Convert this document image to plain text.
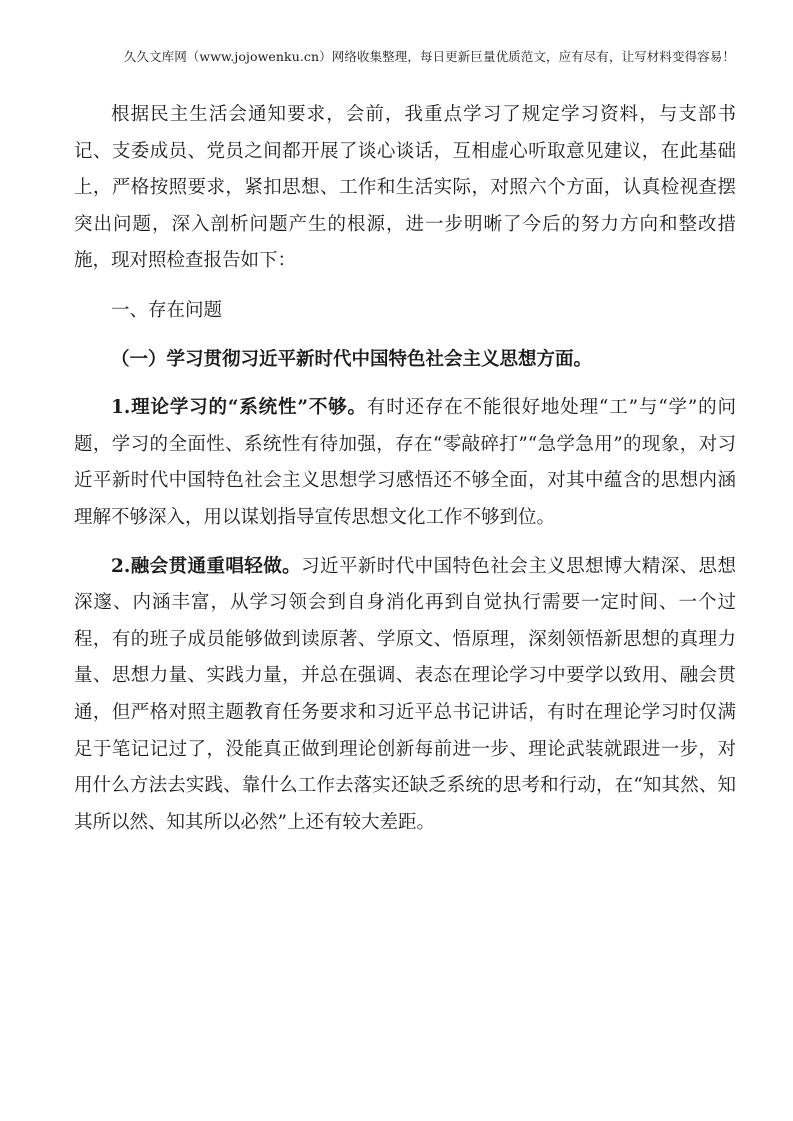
久久文库网（www.jojowenku.cn）网络收集整理，每日更新巨量优质范文，应有尽有，让写材料变得容易！

根据民主生活会通知要求，会前，我重点学习了规定学习资料，与支部书记、支委成员、党员之间都开展了谈心谈话，互相虚心听取意见建议，在此基础上，严格按照要求，紧扣思想、工作和生活实际，对照六个方面，认真检视查摆突出问题，深入剖析问题产生的根源，进一步明晰了今后的努力方向和整改措施，现对照检查报告如下：

一、存在问题

（一）学习贯彻习近平新时代中国特色社会主义思想方面。

1.理论学习的“系统性”不够。有时还存在不能很好地处理“工”与“学”的问题，学习的全面性、系统性有待加强，存在“零敲碎打”“急学急用”的现象，对习近平新时代中国特色社会主义思想学习感悟还不够全面，对其中蕴含的思想内涵理解不够深入，用以谋划指导宣传思想文化工作不够到位。

2.融会贯通重唱轻做。习近平新时代中国特色社会主义思想博大精深、思想深邃、内涵丰富，从学习领会到自身消化再到自觉执行需要一定时间、一个过程，有的班子成员能够做到读原著、学原文、悟原理，深刻领悟新思想的真理力量、思想力量、实践力量，并总在强调、表态在理论学习中要学以致用、融会贯通，但严格对照主题教育任务要求和习近平总书记讲话，有时在理论学习时仅满足于笔记记过了，没能真正做到理论创新每前进一步、理论武装就跟进一步，对用什么方法去实践、靠什么工作去落实还缺乏系统的思考和行动，在“知其然、知其所以然、知其所以必然”上还有较大差距。
